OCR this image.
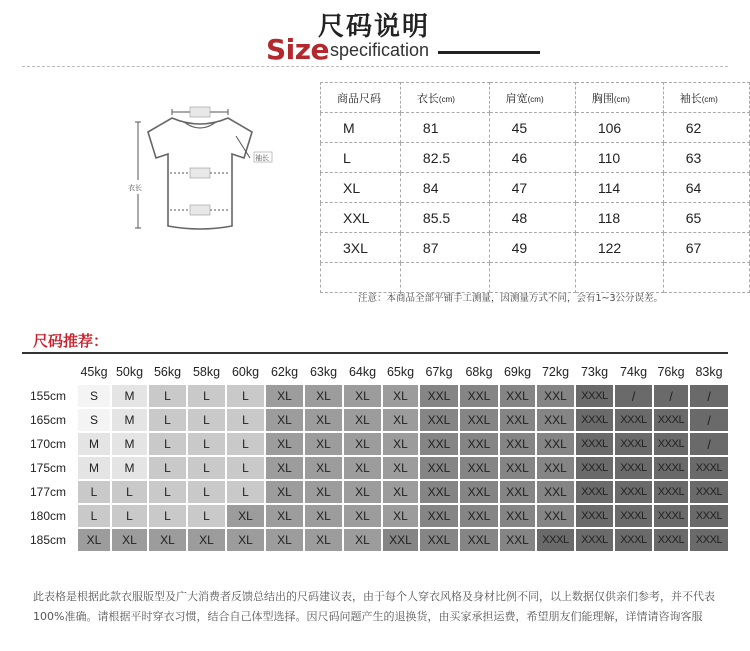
尺码说明
Size specification
衣长
袖长
商品尺码	衣长(cm)	肩宽(cm)	胸围(cm)	袖长(cm)
M	81	45	106	62
L	82.5	46	110	63
XL	84	47	114	64
XXL	85.5	48	118	65
3XL	87	49	122	67

注意：本商品全部平铺手工测量，因测量方式不同，会有1~3公分误差。
尺码推荐：
	45kg	50kg	56kg	58kg	60kg	62kg	63kg	64kg	65kg	67kg	68kg	69kg	72kg	73kg	74kg	76kg	83kg
155cm	S	M	L	L	L	XL	XL	XL	XL	XXL	XXL	XXL	XXL	XXXL	/	/	/
165cm	S	M	L	L	L	XL	XL	XL	XL	XXL	XXL	XXL	XXL	XXXL	XXXL	XXXL	/
170cm	M	M	L	L	L	XL	XL	XL	XL	XXL	XXL	XXL	XXL	XXXL	XXXL	XXXL	/
175cm	M	M	L	L	L	XL	XL	XL	XL	XXL	XXL	XXL	XXL	XXXL	XXXL	XXXL	XXXL
177cm	L	L	L	L	L	XL	XL	XL	XL	XXL	XXL	XXL	XXL	XXXL	XXXL	XXXL	XXXL
180cm	L	L	L	L	XL	XL	XL	XL	XL	XXL	XXL	XXL	XXL	XXXL	XXXL	XXXL	XXXL
185cm	XL	XL	XL	XL	XL	XL	XL	XL	XXL	XXL	XXL	XXL	XXXL	XXXL	XXXL	XXXL	XXXL
此表格是根据此款衣服版型及广大消费者反馈总结出的尺码建议表，由于每个人穿衣风格及身材比例不同，以上数据仅供亲们参考，并不代表100%准确。请根据平时穿衣习惯，结合自己体型选择。因尺码问题产生的退换货，由买家承担运费，希望朋友们能理解，详情请咨询客服
